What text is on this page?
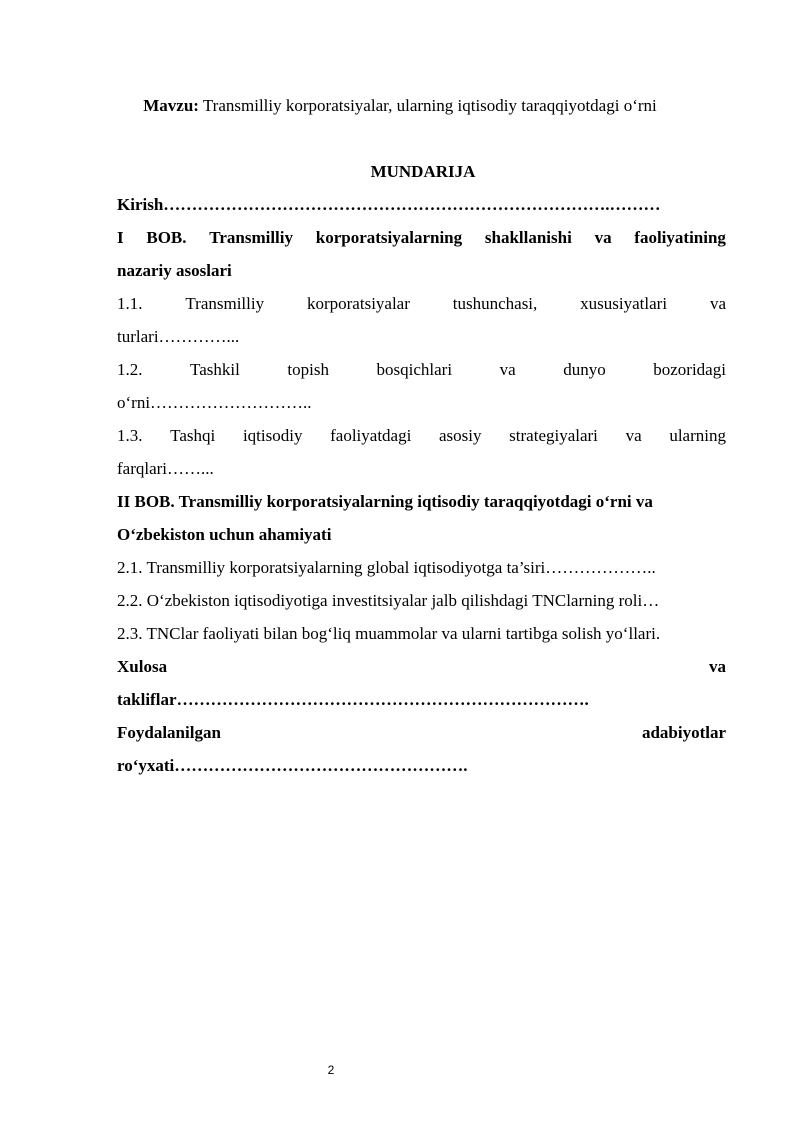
Mavzu: Transmilliy korporatsiyalar, ularning iqtisodiy taraqqiyotdagi o‘rni
MUNDARIJA
Kirish…………………………………………………………………….………
I BOB. Transmilliy korporatsiyalarning shakllanishi va faoliyatining
nazariy asoslari
1.1.	Transmilliy	korporatsiyalar	tushunchasi,	xususiyatlari	va
turlari…………...
1.2.	Tashkil	topish	bosqichlari	va	dunyo	bozoridagi
o‘rni………………………..
1.3. Tashqi iqtisodiy faoliyatdagi asosiy strategiyalari va ularning
farqlari……...
II BOB. Transmilliy korporatsiyalarning iqtisodiy taraqqiyotdagi o‘rni va
O‘zbekiston uchun ahamiyati
2.1. Transmilliy korporatsiyalarning global iqtisodiyotga ta’siri………………..
2.2. O‘zbekiston iqtisodiyotiga investitsiyalar jalb qilishdagi TNClarning roli…
2.3. TNClar faoliyati bilan bog‘liq muammolar va ularni tartibga solish yo‘llari.
Xulosa	va
takliflar……………………………………………………………….
Foydalanilgan	adabiyotlar
ro‘yxati…………………………………………….
2
